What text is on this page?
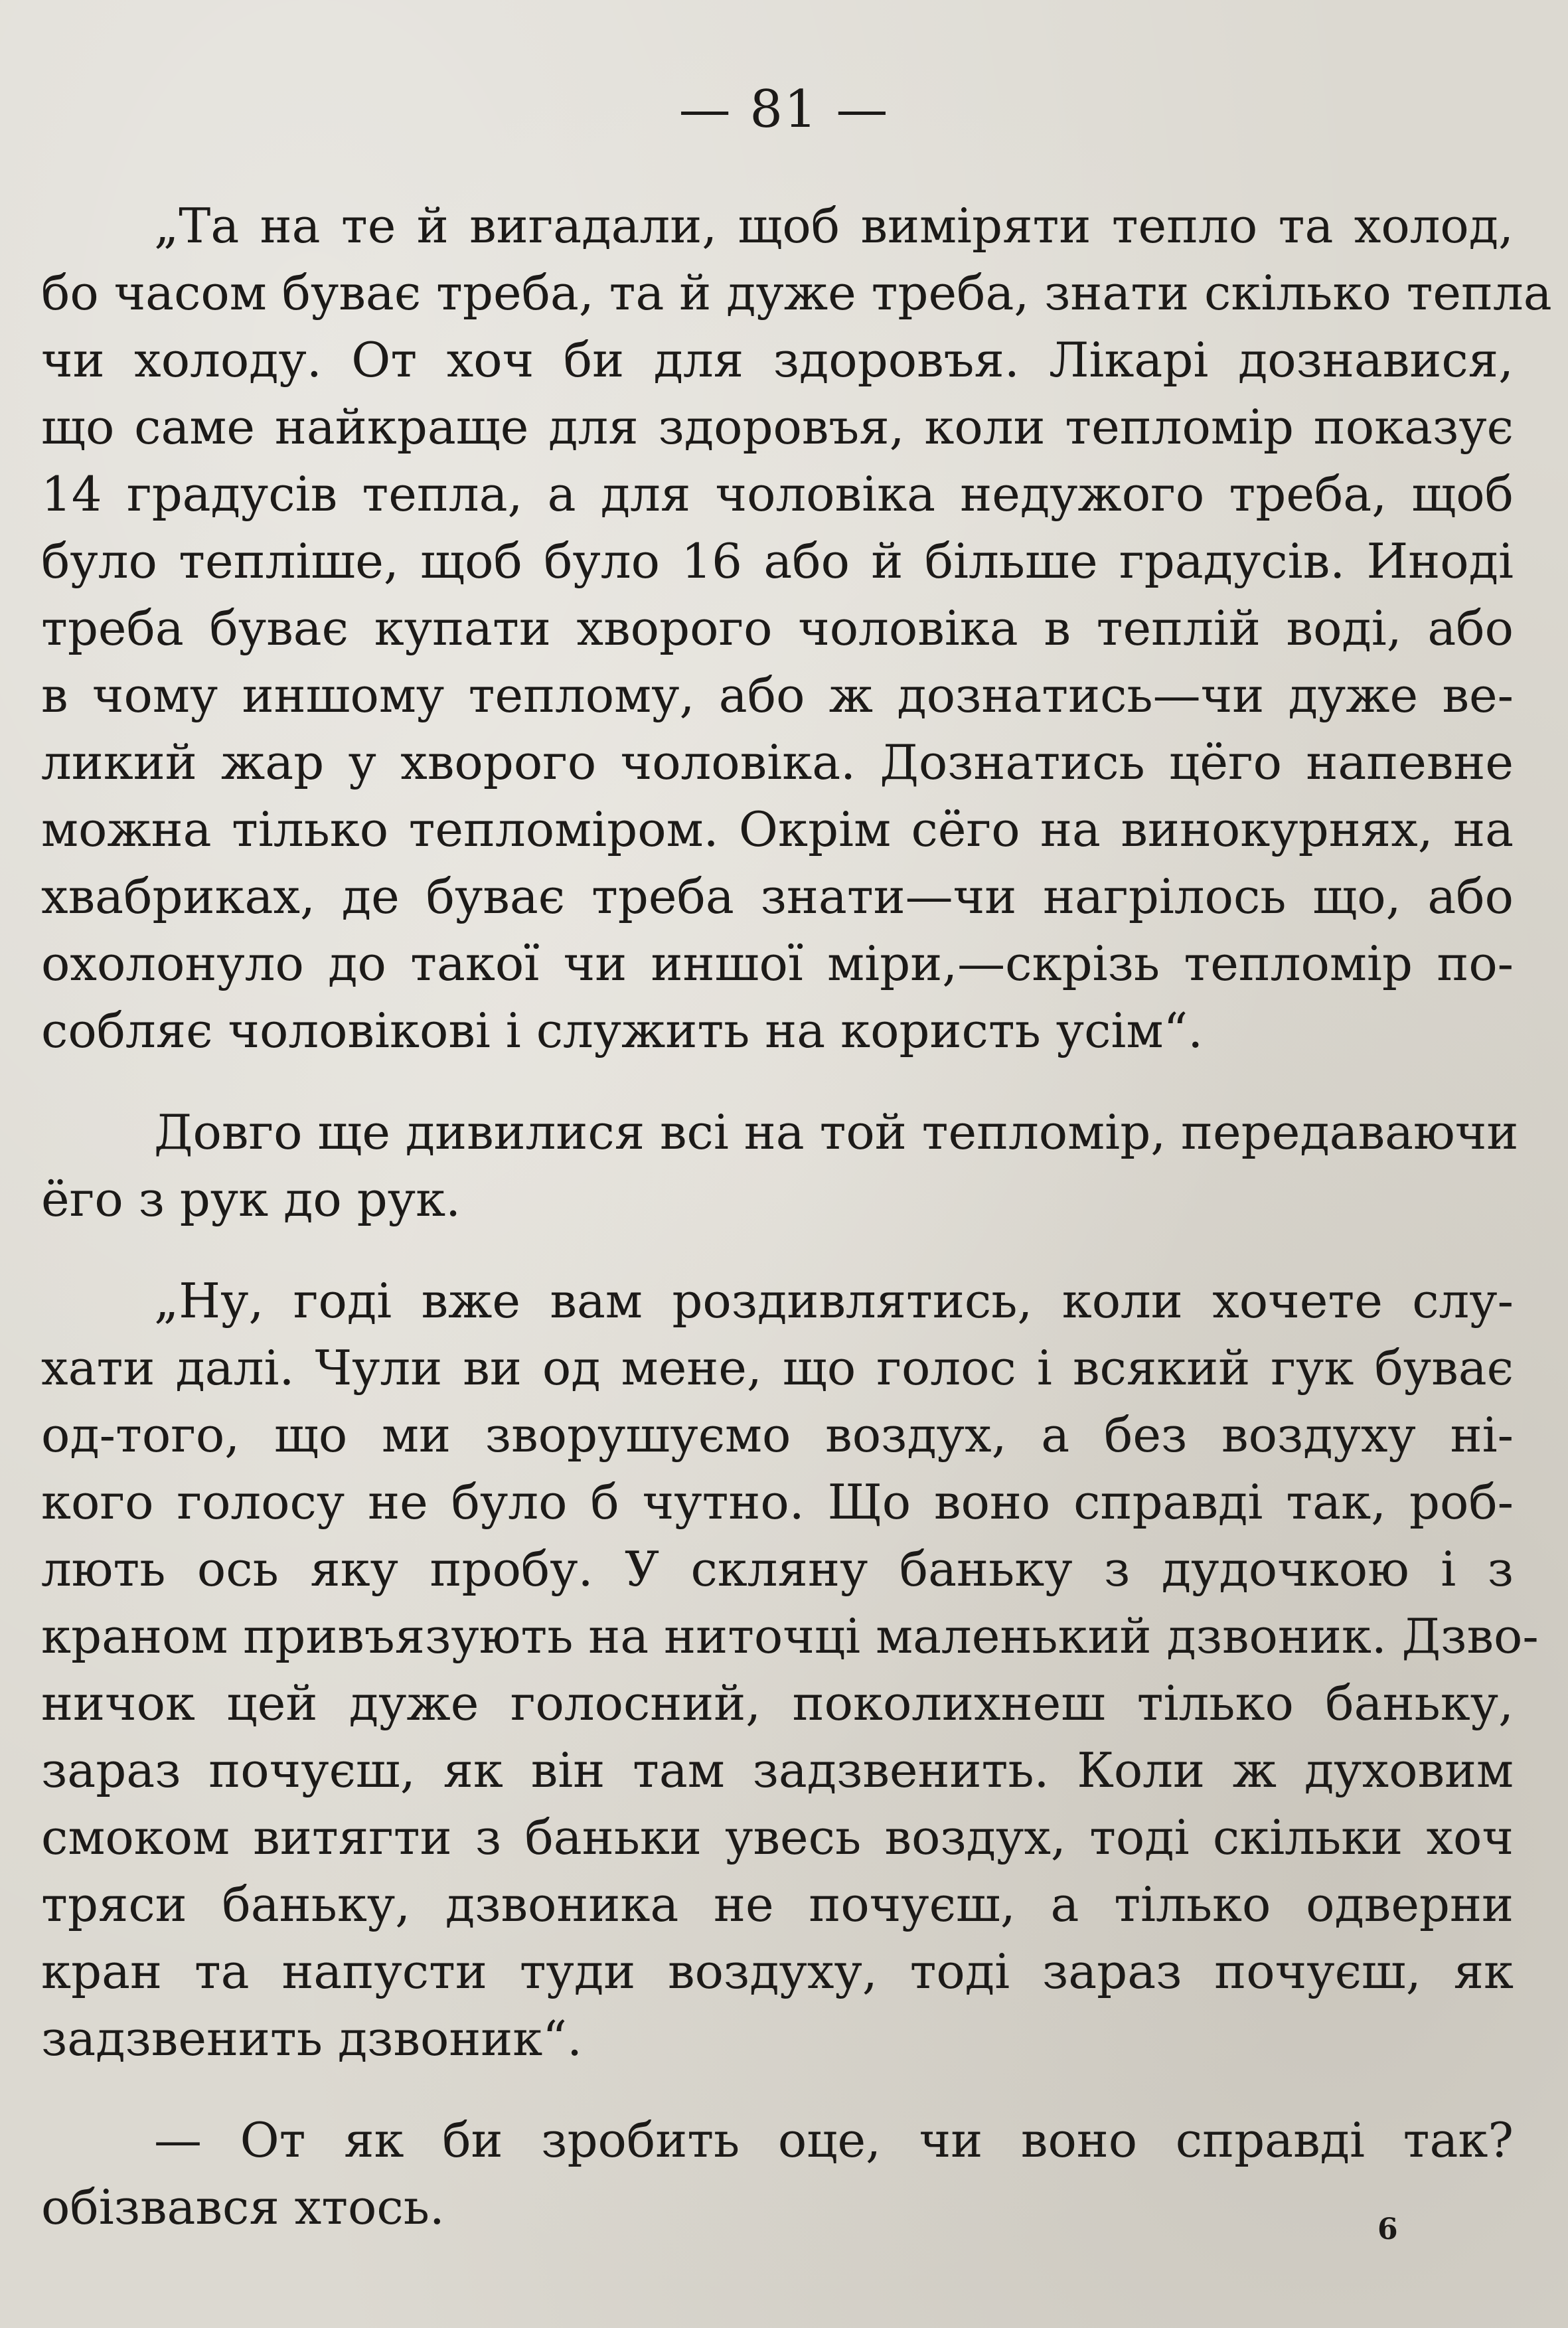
— 81 —
„Та на те й вигадали, щоб виміряти тепло та холод,
бо часом буває треба, та й дуже треба, знати скілько тепла
чи холоду. От хоч би для здоровъя. Лікарі дознавися,
що саме найкраще для здоровъя, коли тепломір показує
14 градусів тепла, а для чоловіка недужого треба, щоб
було тепліше, щоб було 16 або й більше градусів. Иноді
треба буває купати хворого чоловіка в теплій воді, або
в чому иншому теплому, або ж дознатись—чи дуже ве-
ликий жар у хворого чоловіка. Дознатись цёго напевне
можна тілько тепломіром. Окрім сёго на винокурнях, на
хвабриках, де буває треба знати—чи нагрілось що, або
охолонуло до такої чи иншої міри,—скрізь тепломір по-
собляє чоловікові і служить на користь усім“.
Довго ще дивилися всі на той тепломір, передаваючи
ёго з рук до рук.
„Ну, годі вже вам роздивлятись, коли хочете слу-
хати далі. Чули ви од мене, що голос і всякий гук буває
од-того, що ми зворушуємо воздух, а без воздуху ні-
кого голосу не було б чутно. Що воно справді так, роб-
лють ось яку пробу. У скляну баньку з дудочкою і з
краном привъязують на ниточці маленький дзвоник. Дзво-
ничок цей дуже голосний, поколихнеш тілько баньку,
зараз почуєш, як він там задзвенить. Коли ж духовим
смоком витягти з баньки увесь воздух, тоді скільки хоч
тряси баньку, дзвоника не почуєш, а тілько одверни
кран та напусти туди воздуху, тоді зараз почуєш, як
задзвенить дзвоник“.
— От як би зробить оце, чи воно справді так?
обізвався хтось.	6
